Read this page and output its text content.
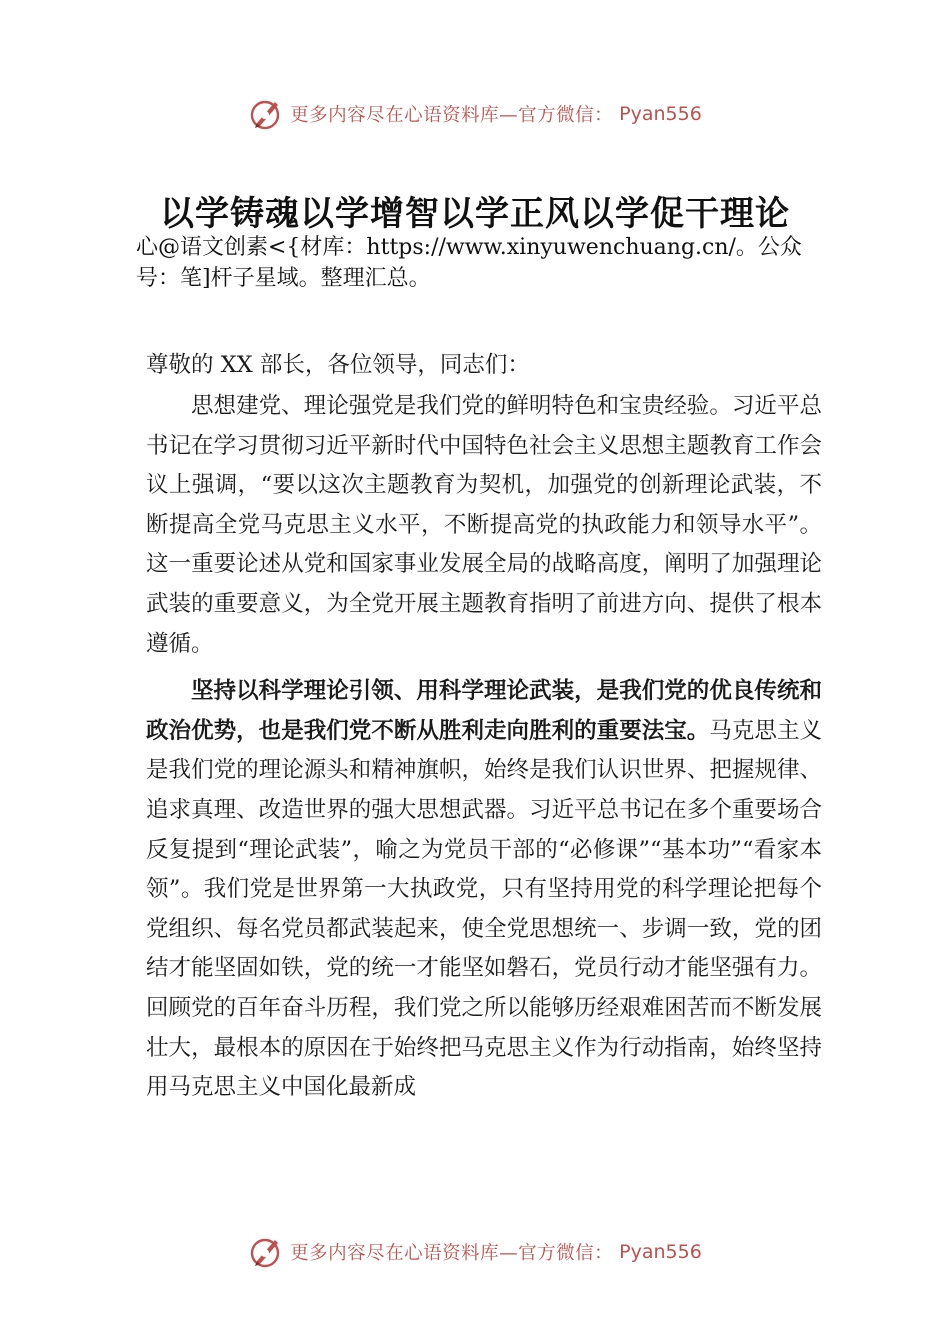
更多内容尽在心语资料库—官方微信： Pyan556
以学铸魂以学增智以学正风以学促干理论
心@语文创素<{材库：https://www.xinyuwenchuang.cn/。公众号：笔]杆子星域。整理汇总。

尊敬的 XX 部长，各位领导，同志们：

思想建党、理论强党是我们党的鲜明特色和宝贵经验。习近平总书记在学习贯彻习近平新时代中国特色社会主义思想主题教育工作会议上强调，“要以这次主题教育为契机，加强党的创新理论武装，不断提高全党马克思主义水平，不断提高党的执政能力和领导水平”。这一重要论述从党和国家事业发展全局的战略高度，阐明了加强理论武装的重要意义，为全党开展主题教育指明了前进方向、提供了根本遵循。

坚持以科学理论引领、用科学理论武装，是我们党的优良传统和政治优势，也是我们党不断从胜利走向胜利的重要法宝。马克思主义是我们党的理论源头和精神旗帜，始终是我们认识世界、把握规律、追求真理、改造世界的强大思想武器。习近平总书记在多个重要场合反复提到“理论武装”，喻之为党员干部的“必修课”“基本功”“看家本领”。我们党是世界第一大执政党，只有坚持用党的科学理论把每个党组织、每名党员都武装起来，使全党思想统一、步调一致，党的团结才能坚固如铁，党的统一才能坚如磐石，党员行动才能坚强有力。回顾党的百年奋斗历程，我们党之所以能够历经艰难困苦而不断发展壮大，最根本的原因在于始终把马克思主义作为行动指南，始终坚持用马克思主义中国化最新成

更多内容尽在心语资料库—官方微信： Pyan556
